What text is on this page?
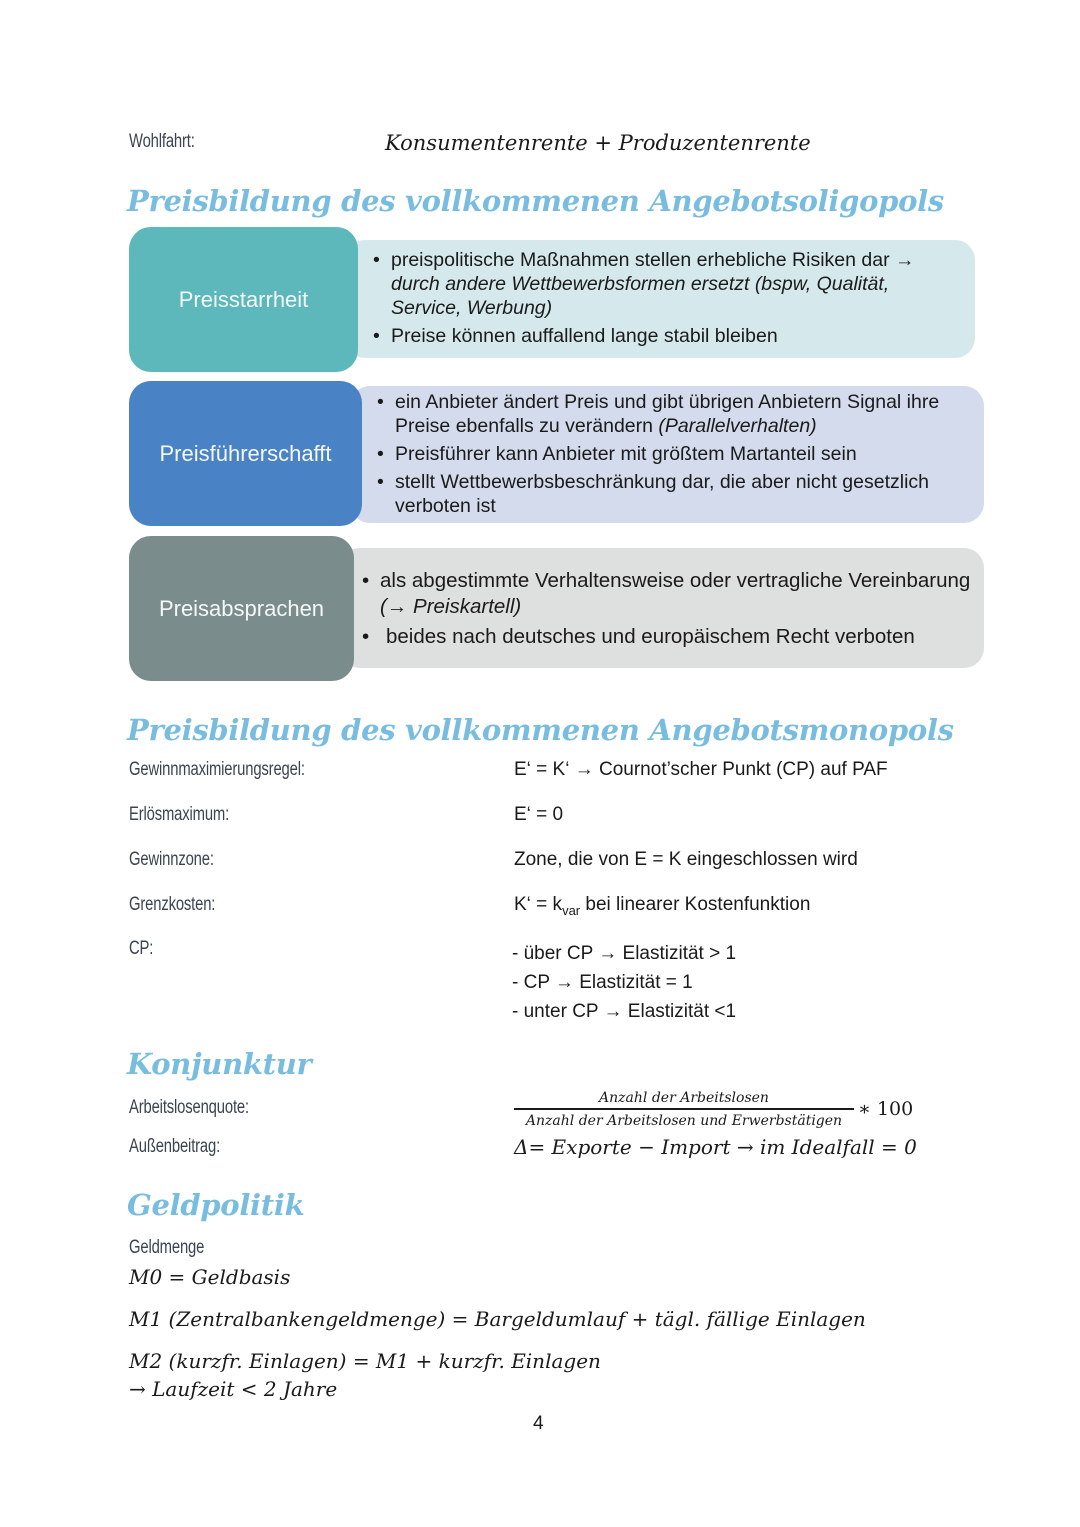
Wohlfahrt:	Konsumentenrente + Produzentenrente
Preisbildung des vollkommenen Angebotsoligopols
Preisstarrheit
• preispolitische Maßnahmen stellen erhebliche Risiken dar →
durch andere Wettbewerbsformen ersetzt (bspw, Qualität, Service, Werbung)
• Preise können auffallend lange stabil bleiben
Preisführerschafft
• ein Anbieter ändert Preis und gibt übrigen Anbietern Signal ihre Preise ebenfalls zu verändern (Parallelverhalten)
• Preisführer kann Anbieter mit größtem Martanteil sein
• stellt Wettbewerbsbeschränkung dar, die aber nicht gesetzlich verboten ist
Preisabsprachen
• als abgestimmte Verhaltensweise oder vertragliche Vereinbarung (→ Preiskartell)
• beides nach deutsches und europäischem Recht verboten
Preisbildung des vollkommenen Angebotsmonopols
Gewinnmaximierungsregel:	E‘ = K‘ → Cournot’scher Punkt (CP) auf PAF
Erlösmaximum:	E‘ = 0
Gewinnzone:	Zone, die von E = K eingeschlossen wird
Grenzkosten:	K‘ = $k_{var}$ bei linearer Kostenfunktion
CP:	- über CP → Elastizität > 1
- CP → Elastizität = 1
- unter CP → Elastizität <1
Konjunktur
Arbeitslosenquote:	Anzahl der Arbeitslosen
Anzahl der Arbeitslosen und Erwerbstätigen
∗ 100
Außenbeitrag:	Δ= Exporte − Import → im Idealfall = 0
Geldpolitik
Geldmenge
M0 = Geldbasis
M1 (Zentralbankengeldmenge) = Bargeldumlauf + tägl. fällige Einlagen
M2 (kurzfr. Einlagen) = M1 + kurzfr. Einlagen
→ Laufzeit < 2 Jahre
4
